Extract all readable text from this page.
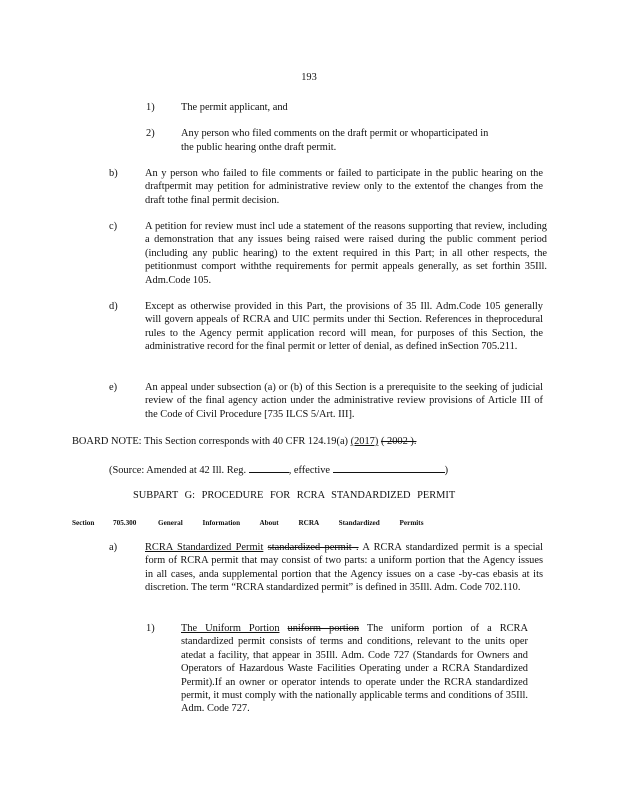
193
1)	The permit applicant, and
2)	Any person who filed comments on the draft permit or whoparticipated in
the public hearing onthe draft permit.
b)	An y person who failed to file comments or failed to participate in the public hearing on the draftpermit may petition for administrative review only to the extentof the changes from the draft tothe final permit decision.
c)	A petition for review must incl ude a statement of the reasons supporting that review, including a demonstration that any issues being raised were raised during the public comment period (including any public hearing) to the extent required in this Part; in all other respects, the petitionmust comport withthe requirements for permit appeals generally, as set forthin 35Ill. Adm.Code 105.
d)	Except as otherwise provided in this Part, the provisions of 35 Ill. Adm.Code 105 generally will govern appeals of RCRA and UIC permits under thi Section. References in theprocedural rules to the Agency permit application record will mean, for purposes of this Section, the administrative record for the final permit or letter of denial, as defined inSection 705.211.
e)	An appeal under subsection (a) or (b) of this Section is a prerequisite to the seeking of judicial review of the final agency action under the administrative review provisions of Article III of the Code of Civil Procedure [735 ILCS 5/Art. III].
BOARD NOTE: This Section corresponds with 40 CFR 124.19(a) (2017) ( 2002 ).
(Source: Amended at 42 Ill. Reg.	, effective	)
SUBPART G: PROCEDURE FOR RCRA STANDARDIZED PERMIT
Section	705.300	General Information About RCRA Standardized Permits
a)	RCRA Standardized Permit standardized permit . A RCRA standardized permit is a special form of RCRA permit that may consist of two parts: a uniform portion that the Agency issues in all cases, anda supplemental portion that the Agency issues on a case -by-cas ebasis at its discretion. The term “RCRA standardized permit” is defined in 35Ill. Adm. Code 702.110.
1)	The Uniform Portion uniform portion The uniform portion of a RCRA standardized permit consists of terms and conditions, relevant to the units oper atedat a facility, that appear in 35Ill. Adm. Code 727 (Standards for Owners and Operators of Hazardous Waste Facilities Operating under a RCRA Standardized Permit).If an owner or operator intends to operate under the RCRA standardized permit, it must comply with the nationally applicable terms and conditions of 35Ill. Adm. Code 727.
